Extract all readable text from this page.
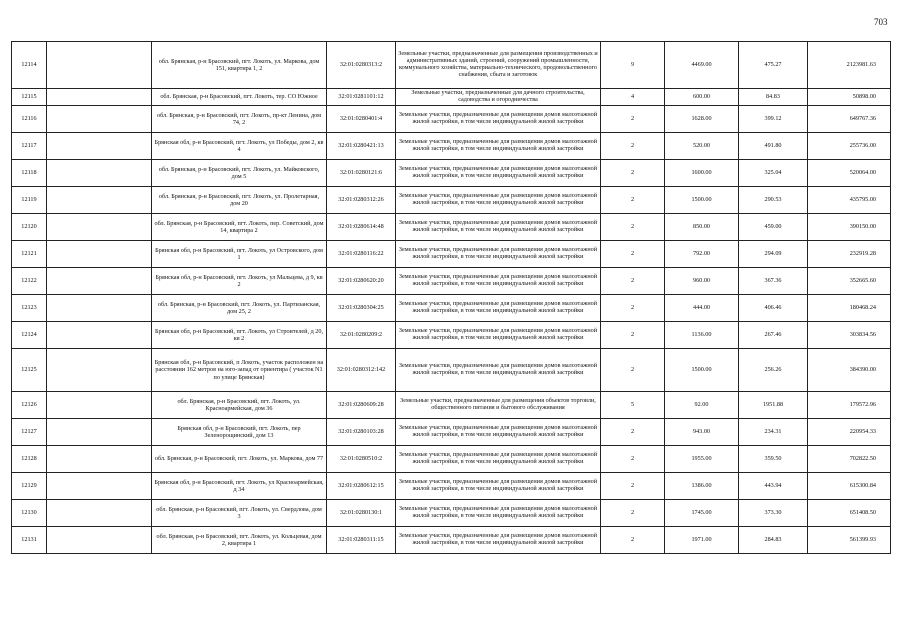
703
12114		обл. Брянская, р-н Брасовский, пгт. Локоть, ул. Маркова, дом 151, квартира 1, 2	32:01:0280313:2	Земельные участки, предназначенные для размещения производственных и административных зданий, строений, сооружений промышленности, коммунального хозяйства, материально-технического, продовольственного снабжения, сбыта и заготовок	9	4469.00	475.27	2123981.63
12115		обл. Брянская, р-н Брасовский, пгт. Локоть, тер. СО Южное	32:01:0281101:12	Земельные участки, предназначенные для дачного строительства, садоводства и огородничества	4	600.00	84.83	50898.00
12116		обл. Брянская, р-н Брасовский, пгт. Локоть, пр-кт Ленина, дом 74, 2	32:01:0280401:4	Земельные участки, предназначенные для размещения домов малоэтажной жилой застройки, в том числе индивидуальной жилой застройки	2	1628.00	399.12	649767.36
12117		Брянская обл, р-н Брасовский, пгт. Локоть, ул Победы, дом 2, кв 4	32:01:0280421:13	Земельные участки, предназначенные для размещения домов малоэтажной жилой застройки, в том числе индивидуальной жилой застройки	2	520.00	491.80	255736.00
12118		обл. Брянская, р-н Брасовский, пгт. Локоть, ул. Майковского, дом 5	32:01:0280121:6	Земельные участки, предназначенные для размещения домов малоэтажной жилой застройки, в том числе индивидуальной жилой застройки	2	1600.00	325.04	520064.00
12119		обл. Брянская, р-н Брасовский, пгт. Локоть, ул. Пролетарная, дом 20	32:01:0280312:26	Земельные участки, предназначенные для размещения домов малоэтажной жилой застройки, в том числе индивидуальной жилой застройки	2	1500.00	290.53	435795.00
12120		обл. Брянская, р-н Брасовский, пгт. Локоть, пер. Советский, дом 14, квартира 2	32:01:0280614:48	Земельные участки, предназначенные для размещения домов малоэтажной жилой застройки, в том числе индивидуальной жилой застройки	2	850.00	459.00	390150.00
12121		Брянская обл, р-н Брасовский, пгт. Локоть, ул Островского, дом 1	32:01:0280116:22	Земельные участки, предназначенные для размещения домов малоэтажной жилой застройки, в том числе индивидуальной жилой застройки	2	792.00	294.09	232919.28
12122		Брянская обл, р-н Брасовский, пгт. Локоть, ул Мальцева, д 9, кв 2	32:01:0280620:20	Земельные участки, предназначенные для размещения домов малоэтажной жилой застройки, в том числе индивидуальной жилой застройки	2	960.00	367.36	352665.60
12123		обл. Брянская, р-н Брасовский, пгт. Локоть, ул. Партизанская, дом 25, 2	32:01:0280304:25	Земельные участки, предназначенные для размещения домов малоэтажной жилой застройки, в том числе индивидуальной жилой застройки	2	444.00	406.46	180468.24
12124		Брянская обл, р-н Брасовский, пгт. Локоть, ул Строителей, д 20, кв 2	32:01:0280209:2	Земельные участки, предназначенные для размещения домов малоэтажной жилой застройки, в том числе индивидуальной жилой застройки	2	1136.00	267.46	303834.56
12125		Брянская обл, р-н Брасовский, п Локоть, участок расположен на расстоянии 162 метров на юго-запад от ориентира ( участок N1 по улице Брянская)	32:01:0280312:142	Земельные участки, предназначенные для размещения домов малоэтажной жилой застройки, в том числе индивидуальной жилой застройки	2	1500.00	256.26	384390.00
12126		обл. Брянская, р-н Брасовский, пгт. Локоть, ул. Красноармейская, дом 36	32:01:0280609:28	Земельные участки, предназначенные для размещения объектов торговли, общественного питания и бытового обслуживания	5	92.00	1951.88	179572.96
12127		Брянская обл, р-н Брасовский, пгт. Локоть, пер Зеленорощинский, дом 13	32:01:0280103:28	Земельные участки, предназначенные для размещения домов малоэтажной жилой застройки, в том числе индивидуальной жилой застройки	2	943.00	234.31	220954.33
12128		обл. Брянская, р-н Брасовский, пгт. Локоть, ул. Маркова, дом 77	32:01:0280510:2	Земельные участки, предназначенные для размещения домов малоэтажной жилой застройки, в том числе индивидуальной жилой застройки	2	1955.00	359.50	702822.50
12129		Брянская обл, р-н Брасовский, пгт. Локоть, ул Красноармейская, д 34	32:01:0280612:15	Земельные участки, предназначенные для размещения домов малоэтажной жилой застройки, в том числе индивидуальной жилой застройки	2	1386.00	443.94	615300.84
12130		обл. Брянская, р-н Брасовский, пгт. Локоть, ул. Свердлова, дом 3	32:01:0280130:1	Земельные участки, предназначенные для размещения домов малоэтажной жилой застройки, в том числе индивидуальной жилой застройки	2	1745.00	373.30	651408.50
12131		обл. Брянская, р-н Брасовский, пгт. Локоть, ул. Кольцевая, дом 2, квартира 1	32:01:0280311:15	Земельные участки, предназначенные для размещения домов малоэтажной жилой застройки, в том числе индивидуальной жилой застройки	2	1971.00	284.83	561399.93
